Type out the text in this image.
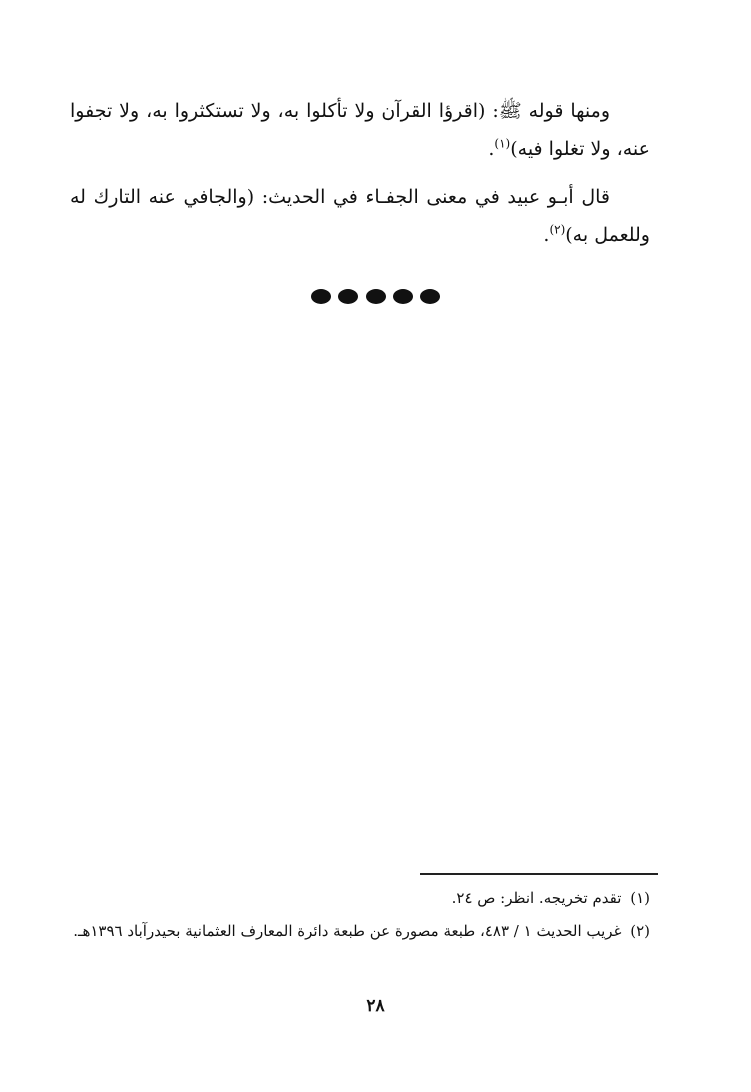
ومنها قوله ﷺ: (اقرؤا القرآن ولا تأكلوا به، ولا تستكثروا به، ولا تجفوا عنه، ولا تغلوا فيه)$^{(١)}$.

قال أبـو عبيد في معنى الجفـاء في الحديث: (والجافي عنه التارك له وللعمل به)$^{(٢)}$.

(١) تقدم تخريجه. انظر: ص ٢٤.

(٢) غريب الحديث ١ / ٤٨٣، طبعة مصورة عن طبعة دائرة المعارف العثمانية بحيدرآباد ١٣٩٦هـ.

٢٨
